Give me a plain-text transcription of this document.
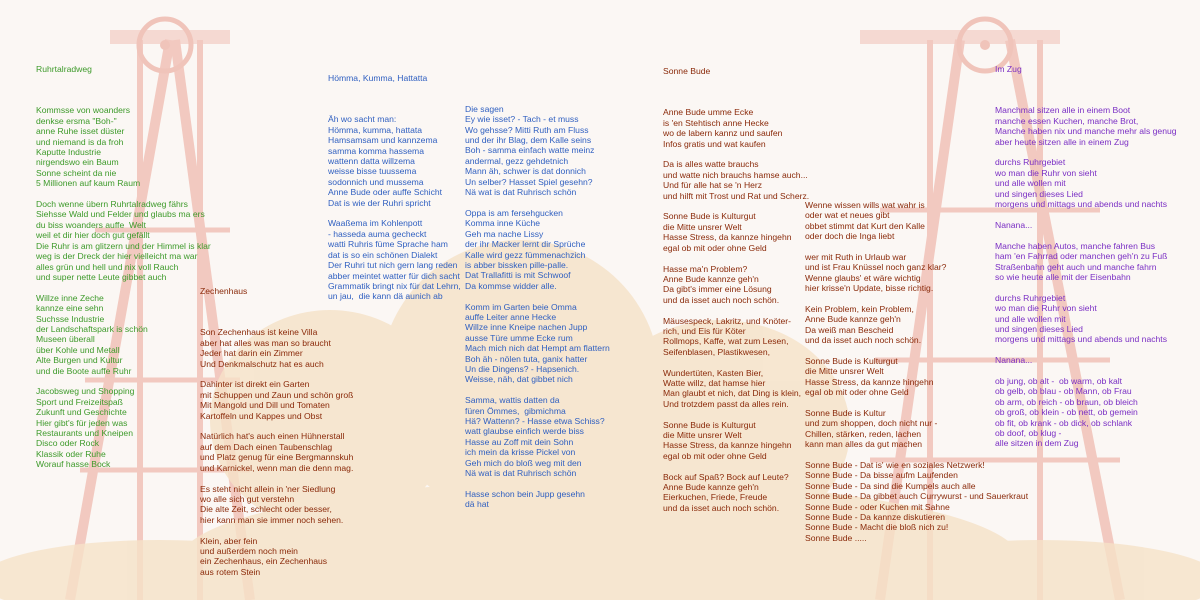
Ruhrtalradweg

Kommsse von woanders
denkse ersma "Boh-"
anne Ruhe isset düster
und niemand is da froh
Kaputte Industrie
nirgendswo ein Baum
Sonne scheint da nie
5 Millionen auf kaum Raum

Doch wenne übern Ruhrtalradweg fährs
Siehsse Wald und Felder und glaubs ma ers
du biss woanders auffe  Welt
weil et dir hier doch gut gefällt
Die Ruhr is am glitzern und der Himmel is klar
weg is der Dreck der hier vielleicht ma war
alles grün und hell und nix voll Rauch
und super nette Leute gibbet auch

Willze inne Zeche
kannze eine sehn
Suchsse Industrie
der Landschaftspark is schön
Museen überall
über Kohle und Metall
Alte Burgen und Kultur
und die Boote auffe Ruhr

Jacobsweg und Shopping
Sport und Freizeitspaß
Zukunft und Geschichte
Hier gibt's für jeden was
Restaurants und Kneipen
Disco oder Rock
Klassik oder Ruhe
Worauf hasse Bock

Zechenhaus

Son Zechenhaus ist keine Villa
aber hat alles was man so braucht
Jeder hat darin ein Zimmer
Und Denkmalschutz hat es auch

Dahinter ist direkt ein Garten
mit Schuppen und Zaun und schön groß
Mit Mangold und Dill und Tomaten
Kartoffeln und Kappes und Obst

Natürlich hat's auch einen Hühnerstall
auf dem Dach einen Taubenschlag
und Platz genug für eine Bergmannskuh
und Karnickel, wenn man die denn mag.

Es steht nicht allein in 'ner Siedlung
wo alle sich gut verstehn
Die alte Zeit, schlecht oder besser,
hier kann man sie immer noch sehen.

Klein, aber fein
und außerdem noch mein
ein Zechenhaus, ein Zechenhaus
aus rotem Stein

Hömma, Kumma, Hattatta

Äh wo sacht man:
Hömma, kumma, hattata
Hamsamsam und kannzema
samma komma hassema
wattenn datta willzema
weisse bisse tuussema
sodonnich und mussema
Anne Bude oder auffe Schicht
Dat is wie der Ruhri spricht

Waaßema im Kohlenpott
- hasseda auma gecheckt
watti Ruhris füme Sprache ham
dat is so ein schönen Dialekt
Der Ruhri tut nich gern lang reden
abber meintet watter für dich sacht
Grammatik bringt nix für dat Lehrn,
un jau,  die kann dä aunich ab

Die sagen
Ey wie isset? - Tach - et muss
Wo gehsse? Mitti Ruth am Fluss
und der ihr Blag, dem Kalle seins
Boh - samma einfach watte meinz
andermal, gezz gehdetnich
Mann äh, schwer is dat donnich
Un selber? Hasset Spiel gesehn?
Nä wat is dat Ruhrisch schön

Oppa is am fersehgucken
Komma inne Küche
Geh ma nache Lissy
der ihr Macker lernt dir Sprüche
Kalle wird gezz fümmenachzich
is abber bissken pille-palle.
Dat Trallafitti is mit Schwoof
Da kommse widder alle.

Komm im Garten beie Omma
auffe Leiter anne Hecke
Willze inne Kneipe nachen Jupp
ausse Türe umme Ecke rum
Mach mich nich dat Hempt am flattern
Boh äh - nölen tuta, ganix hatter
Un die Dingens? - Hapsenich.
Weisse, näh, dat gibbet nich

Samma, wattis datten da
füren Ömmes,  gibmichma
Hä? Wattenn? - Hasse etwa Schiss?
watt glaubse einfich werde biss
Hasse au Zoff mit dein Sohn
ich mein da krisse Pickel von
Geh mich do bloß weg mit den
Nä wat is dat Ruhrisch schön

Hasse schon bein Jupp gesehn
dä hat

Sonne Bude

Anne Bude umme Ecke
is 'en Stehtisch anne Hecke
wo de labern kannz und saufen
Infos gratis und wat kaufen

Da is alles watte brauchs
und watte nich brauchs hamse auch...
Und für alle hat se 'n Herz
und hilft mit Trost und Rat und Scherz.

Sonne Bude is Kulturgut
die Mitte unsrer Welt
Hasse Stress, da kannze hingehn
egal ob mit oder ohne Geld

Hasse ma'n Problem?
Anne Bude kannze geh'n
Da gibt's immer eine Lösung
und da isset auch noch schön.

Mäusespeck, Lakritz, und Knöter-
rich, und Eis für Köter
Rollmops, Kaffe, wat zum Lesen,
Seifenblasen, Plastikwesen,

Wundertüten, Kasten Bier,
Watte willz, dat hamse hier
Man glaubt et nich, dat Ding is klein,
Und trotzdem passt da alles rein.

Sonne Bude is Kulturgut
die Mitte unsrer Welt
Hasse Stress, da kannze hingehn
egal ob mit oder ohne Geld

Bock auf Spaß? Bock auf Leute?
Anne Bude kannze geh'n
Eierkuchen, Friede, Freude
und da isset auch noch schön.

Wenne wissen wills wat wahr is
oder wat et neues gibt
obbet stimmt dat Kurt den Kalle
oder doch die Inga liebt

wer mit Ruth in Urlaub war
und ist Frau Knüssel noch ganz klar?
Wenne glaubs' et wäre wichtig
hier krisse'n Update, bisse richtig.

Kein Problem, kein Problem,
Anne Bude kannze geh'n
Da weiß man Bescheid
und da isset auch noch schön.

Sonne Bude is Kulturgut
die Mitte unsrer Welt
Hasse Stress, da kannze hingehn
egal ob mit oder ohne Geld

Sonne Bude is Kultur
und zum shoppen, doch nicht nur -
Chillen, stärken, reden, lachen
kann man alles da gut machen

Sonne Bude - Dat is' wie en soziales Netzwerk!
Sonne Bude - Da bisse aufm Laufenden
Sonne Bude - Da sind die Kumpels auch alle
Sonne Bude - Da gibbet auch Currywurst - und Sauerkraut
Sonne Bude - oder Kuchen mit Sahne
Sonne Bude - Da kannze diskutieren
Sonne Bude - Macht die bloß nich zu!
Sonne Bude .....

Im Zug

Manchmal sitzen alle in einem Boot
manche essen Kuchen, manche Brot,
Manche haben nix und manche mehr als genug
aber heute sitzen alle in einem Zug

durchs Ruhrgebiet
wo man die Ruhr von sieht
und alle wollen mit
und singen dieses Lied
morgens und mittags und abends und nachts

Nanana...

Manche haben Autos, manche fahren Bus
ham 'en Fahrrad oder manchen geh'n zu Fuß
Straßenbahn geht auch und manche fahrn
so wie heute alle mit der Eisenbahn

durchs Ruhrgebiet
wo man die Ruhr von sieht
und alle wollen mit
und singen dieses Lied
morgens und mittags und abends und nachts

Nanana...

ob jung, ob alt -  ob warm, ob kalt
ob gelb, ob blau - ob Mann, ob Frau
ob arm, ob reich - ob braun, ob bleich
ob groß, ob klein - ob nett, ob gemein
ob fit, ob krank - ob dick, ob schlank
ob doof, ob klug -
alle sitzen in dem Zug
